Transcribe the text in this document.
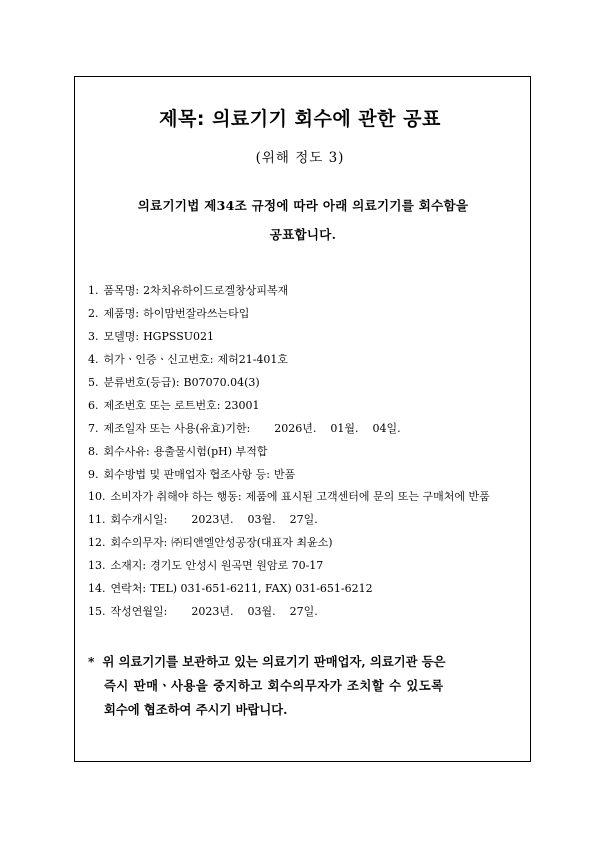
제목: 의료기기 회수에 관한 공표
(위해 정도 3)
의료기기법 제34조 규정에 따라 아래 의료기기를 회수함을
공표합니다.
1. 품목명: 2차치유하이드로겔창상피복재
2. 제품명: 하이맘번잘라쓰는타입
3. 모델명: HGPSSU021
4. 허가ㆍ인증ㆍ신고번호: 제허21-401호
5. 분류번호(등급): B07070.04(3)
6. 제조번호 또는 로트번호: 23001
7. 제조일자 또는 사용(유효)기한: 2026년. 01월. 04일.
8. 회수사유: 용출물시험(pH) 부적합
9. 회수방법 및 판매업자 협조사항 등: 반품
10. 소비자가 취해야 하는 행동: 제품에 표시된 고객센터에 문의 또는 구매처에 반품
11. 회수개시일: 2023년. 03월. 27일.
12. 회수의무자: ㈜티앤엘안성공장(대표자 최윤소)
13. 소재지: 경기도 안성시 원곡면 원암로 70-17
14. 연락처: TEL) 031-651-6211, FAX) 031-651-6212
15. 작성연월일: 2023년. 03월. 27일.
* 위 의료기기를 보관하고 있는 의료기기 판매업자, 의료기관 등은
즉시 판매ㆍ사용을 중지하고 회수의무자가 조치할 수 있도록
회수에 협조하여 주시기 바랍니다.
